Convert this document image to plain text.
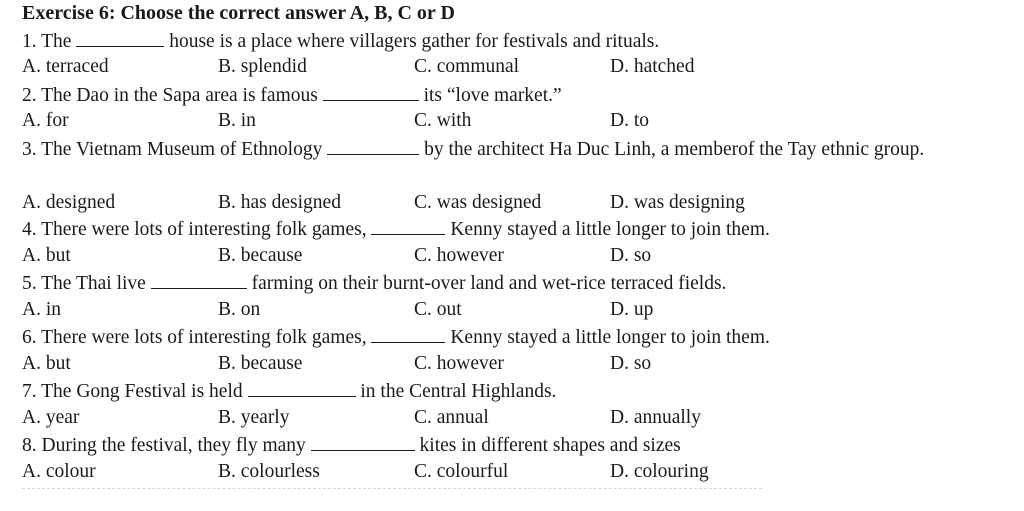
Exercise 6: Choose the correct answer A, B, C or D
1. The	house is a place where villagers gather for festivals and rituals.
A. terraced	B. splendid	C. communal	D. hatched
2. The Dao in the Sapa area is famous	its “love market.”
A. for	B. in	C. with	D. to
3. The Vietnam Museum of Ethnology	by the architect Ha Duc Linh, a memberof the Tay ethnic group.
A. designed	B. has designed	C. was designed	D. was designing
4. There were lots of interesting folk games,	Kenny stayed a little longer to join them.
A. but	B. because	C. however	D. so
5. The Thai live	farming on their burnt-over land and wet-rice terraced fields.
A. in	B. on	C. out	D. up
6. There were lots of interesting folk games,	Kenny stayed a little longer to join them.
A. but	B. because	C. however	D. so
7. The Gong Festival is held	in the Central Highlands.
A. year	B. yearly	C. annual	D. annually
8. During the festival, they fly many	kites in different shapes and sizes
A. colour	B. colourless	C. colourful	D. colouring
